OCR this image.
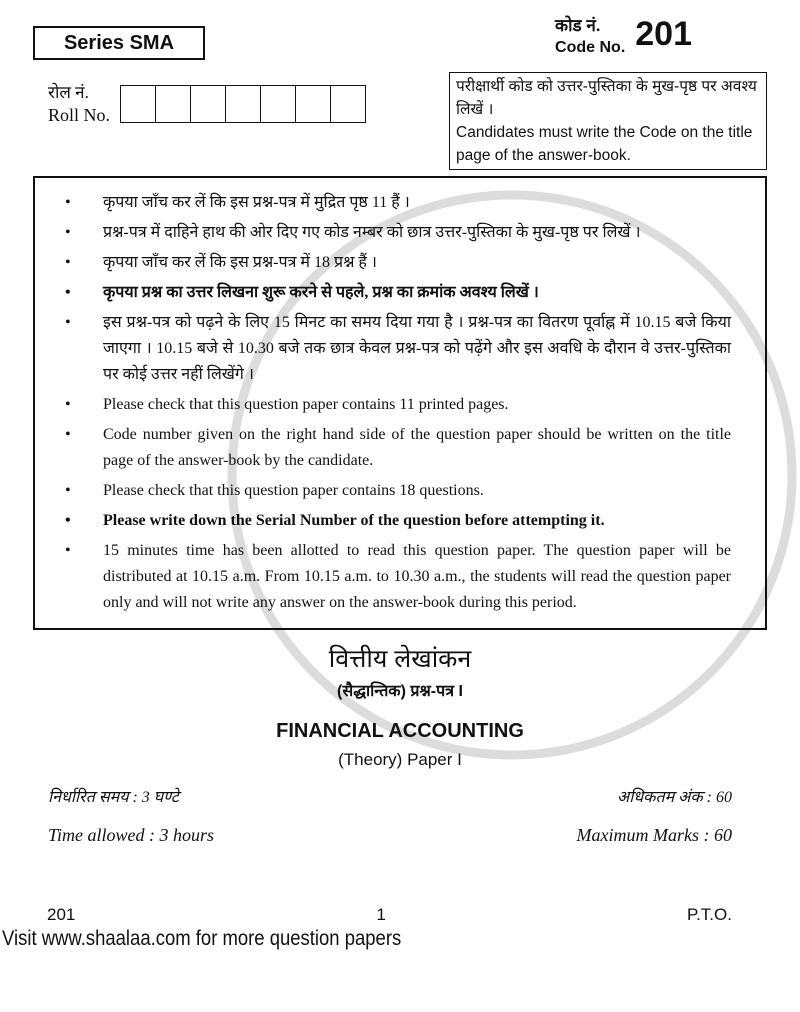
Series SMA
कोड नं.
Code No. 201
रोल नं.
Roll No.
परीक्षार्थी कोड को उत्तर-पुस्तिका के मुख-पृष्ठ पर अवश्य लिखें ।
Candidates must write the Code on the title page of the answer-book.
•	कृपया जाँच कर लें कि इस प्रश्न-पत्र में मुद्रित पृष्ठ 11 हैं ।
•	प्रश्न-पत्र में दाहिने हाथ की ओर दिए गए कोड नम्बर को छात्र उत्तर-पुस्तिका के मुख-पृष्ठ पर लिखें ।
•	कृपया जाँच कर लें कि इस प्रश्न-पत्र में 18 प्रश्न हैं ।
•	कृपया प्रश्न का उत्तर लिखना शुरू करने से पहले, प्रश्न का क्रमांक अवश्य लिखें ।
•	इस प्रश्न-पत्र को पढ़ने के लिए 15 मिनट का समय दिया गया है । प्रश्न-पत्र का वितरण पूर्वाह्न में 10.15 बजे किया जाएगा । 10.15 बजे से 10.30 बजे तक छात्र केवल प्रश्न-पत्र को पढ़ेंगे और इस अवधि के दौरान वे उत्तर-पुस्तिका पर कोई उत्तर नहीं लिखेंगे ।
•	Please check that this question paper contains 11 printed pages.
•	Code number given on the right hand side of the question paper should be written on the title page of the answer-book by the candidate.
•	Please check that this question paper contains 18 questions.
•	Please write down the Serial Number of the question before attempting it.
•	15 minutes time has been allotted to read this question paper. The question paper will be distributed at 10.15 a.m. From 10.15 a.m. to 10.30 a.m., the students will read the question paper only and will not write any answer on the answer-book during this period.
वित्तीय लेखांकन
(सैद्धान्तिक) प्रश्न-पत्र I
FINANCIAL ACCOUNTING
(Theory) Paper I
निर्धारित समय : 3 घण्टे	अधिकतम अंक : 60
Time allowed : 3 hours	Maximum Marks : 60
201	1	P.T.O.
Visit www.shaalaa.com for more question papers
